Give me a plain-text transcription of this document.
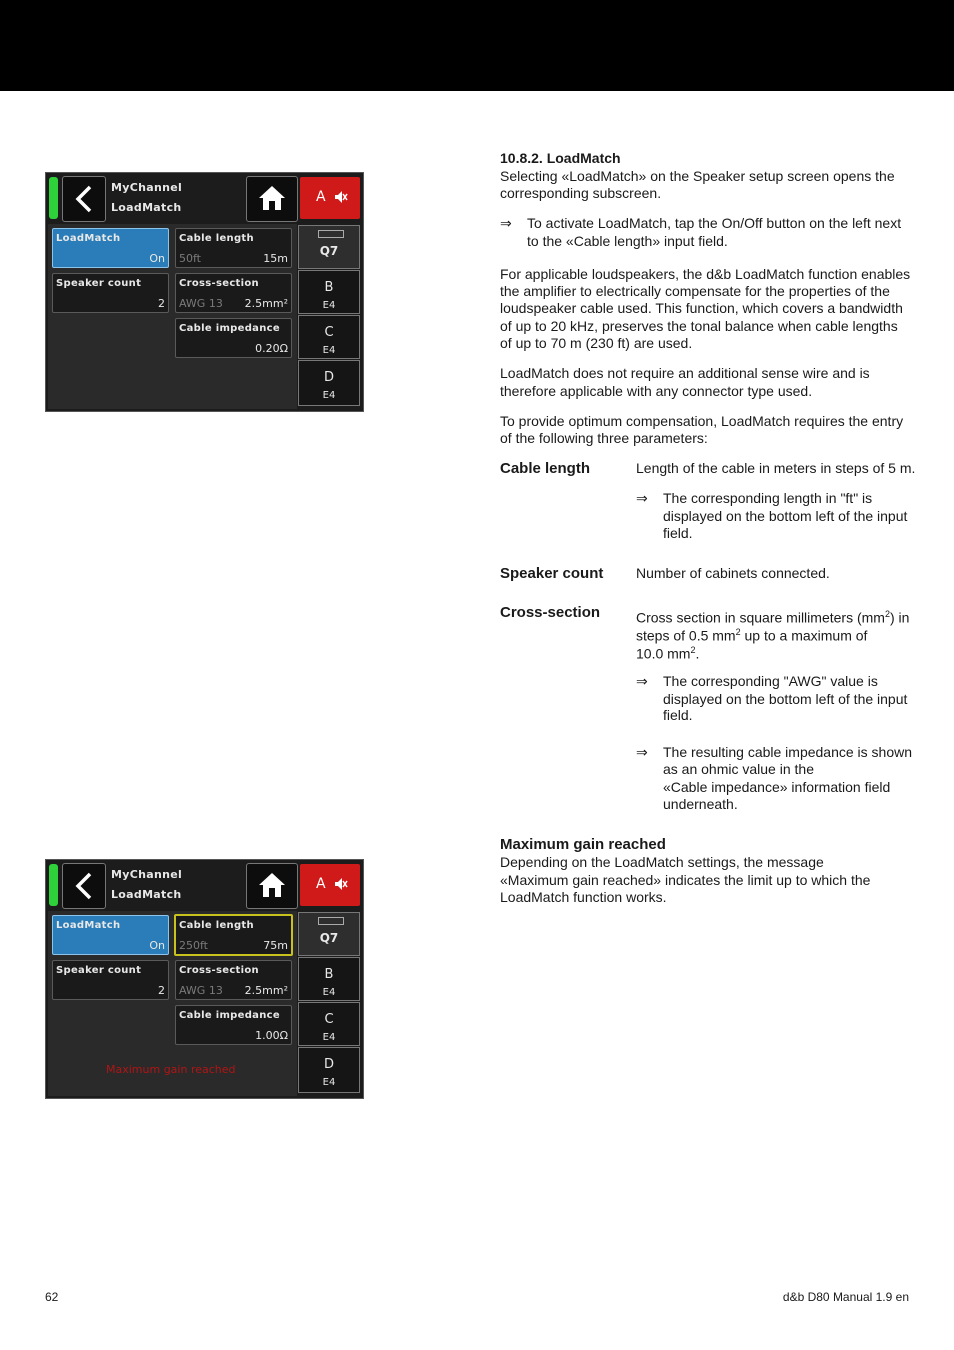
MyChannel
LoadMatch
A
LoadMatch
On
Cable length
50ft	15m
Speaker count
2
Cross-section
AWG 13 2.5mm²
Cable impedance
0.20Ω
Q7
B
E4
C
E4
D
E4
MyChannel
LoadMatch
A
LoadMatch
On
Cable length
250ft	75m
Speaker count
2
Cross-section
AWG 13 2.5mm²
Cable impedance
1.00Ω
Maximum gain reached
Q7
B
E4
C
E4
D
E4
10.8.2. LoadMatch
Selecting «LoadMatch» on the Speaker setup screen opens the
corresponding subscreen.
⇒ To activate LoadMatch, tap the On/Off button on the left next
to the «Cable length» input field.
For applicable loudspeakers, the d&b LoadMatch function enables
the amplifier to electrically compensate for the properties of the
loudspeaker cable used. This function, which covers a bandwidth
of up to 20 kHz, preserves the tonal balance when cable lengths
of up to 70 m (230 ft) are used.
LoadMatch does not require an additional sense wire and is
therefore applicable with any connector type used.
To provide optimum compensation, LoadMatch requires the entry
of the following three parameters:
Cable length	Length of the cable in meters in steps of 5 m.
⇒ The corresponding length in "ft" is
displayed on the bottom left of the input
field.
Speaker count Number of cabinets connected.
Cross-section	Cross section in square millimeters $(mm^2)$ in
steps of 0.5 $mm^2$ up to a maximum of
10.0 $mm^2$.
⇒ The corresponding "AWG" value is
displayed on the bottom left of the input
field.
⇒ The resulting cable impedance is shown
as an ohmic value in the
«Cable impedance» information field
underneath.
Maximum gain reached
Depending on the LoadMatch settings, the message
«Maximum gain reached» indicates the limit up to which the
LoadMatch function works.
62	d&b D80 Manual 1.9 en
